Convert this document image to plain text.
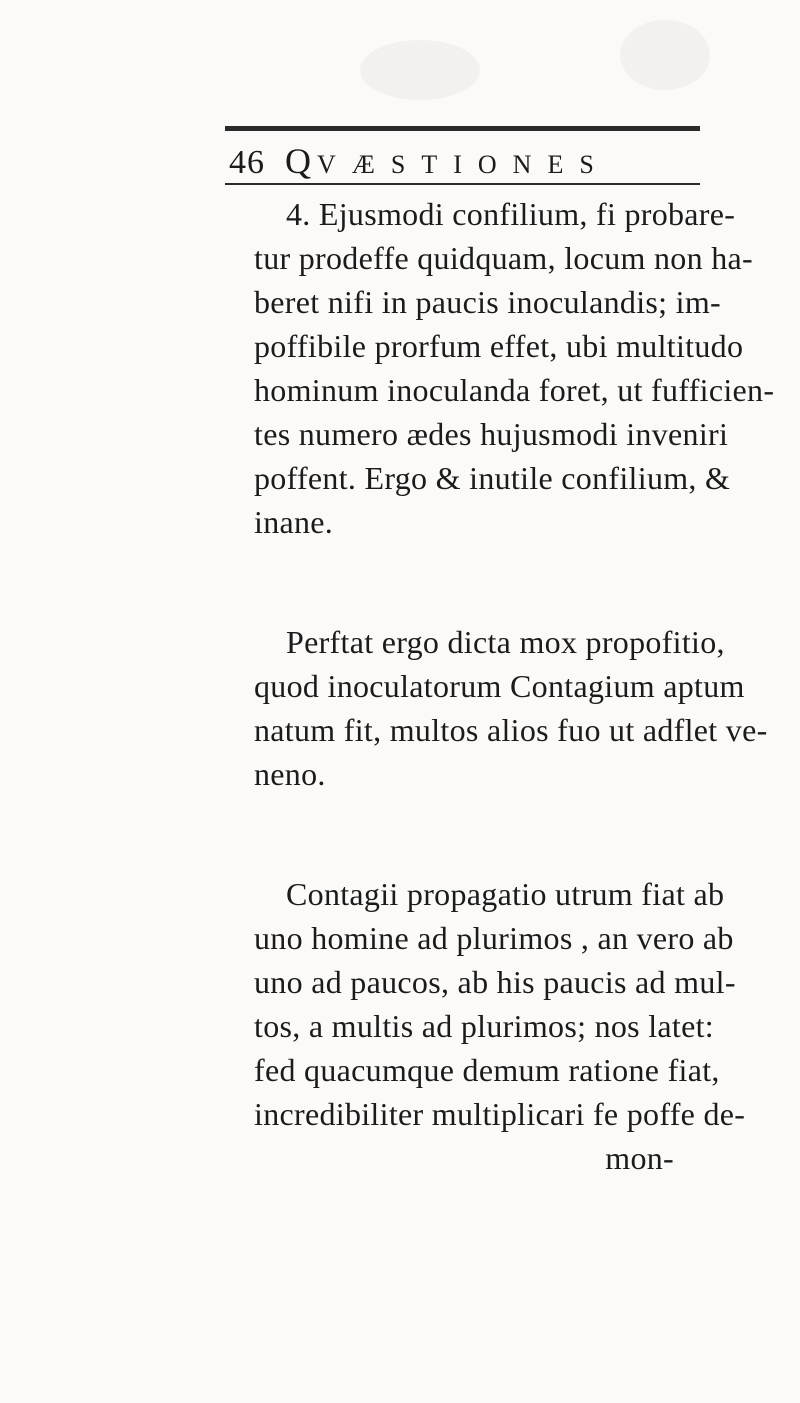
46 QVÆSTIONES
4. Ejusmodi confilium, fi probare-
tur prodeffe quidquam, locum non ha-
beret nifi in paucis inoculandis; im-
poffibile prorfum effet, ubi multitudo
hominum inoculanda foret, ut fufficien-
tes numero ædes hujusmodi inveniri
poffent. Ergo & inutile confilium, &
inane.
Perftat ergo dicta mox propofitio,
quod inoculatorum Contagium aptum
natum fit, multos alios fuo ut adflet ve-
neno.
Contagii propagatio utrum fiat ab
uno homine ad plurimos , an vero ab
uno ad paucos, ab his paucis ad mul-
tos, a multis ad plurimos; nos latet:
fed quacumque demum ratione fiat,
incredibiliter multiplicari fe poffe de-
mon-
